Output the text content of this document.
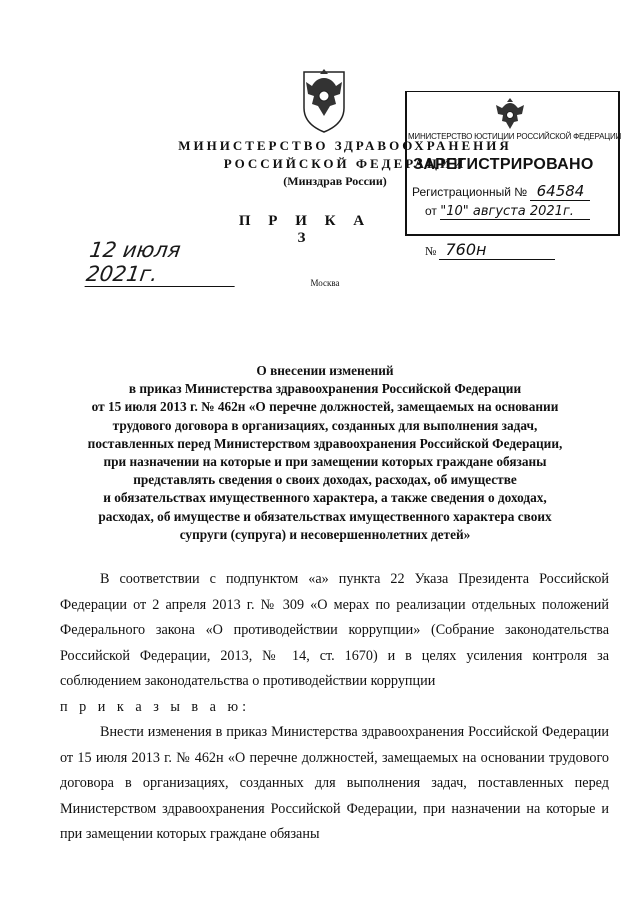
МИНИСТЕРСТВО ЗДРАВООХРАНЕНИЯ
РОССИЙСКОЙ ФЕДЕРАЦИИ
(Минздрав России)
МИНИСТЕРСТВО ЮСТИЦИИ РОССИЙСКОЙ ФЕДЕРАЦИИ
ЗАРЕГИСТРИРОВАНО
Регистрационный № 64584
от "10" августа 2021г.
П Р И К А З
12 июля 2021г.
№ 760н
Москва
О внесении изменений
в приказ Министерства здравоохранения Российской Федерации
от 15 июля 2013 г. № 462н «О перечне должностей, замещаемых на основании
трудового договора в организациях, созданных для выполнения задач,
поставленных перед Министерством здравоохранения Российской Федерации,
при назначении на которые и при замещении которых граждане обязаны
представлять сведения о своих доходах, расходах, об имуществе
и обязательствах имущественного характера, а также сведения о доходах,
расходах, об имуществе и обязательствах имущественного характера своих
супруги (супруга) и несовершеннолетних детей»

В соответствии с подпунктом «а» пункта 22 Указа Президента Российской Федерации от 2 апреля 2013 г. № 309 «О мерах по реализации отдельных положений Федерального закона «О противодействии коррупции» (Собрание законодательства Российской Федерации, 2013, № 14, ст. 1670) и в целях усиления контроля за соблюдением законодательства о противодействии коррупции

п р и к а з ы в а ю:

Внести изменения в приказ Министерства здравоохранения Российской Федерации от 15 июля 2013 г. № 462н «О перечне должностей, замещаемых на основании трудового договора в организациях, созданных для выполнения задач, поставленных перед Министерством здравоохранения Российской Федерации, при назначении на которые и при замещении которых граждане обязаны
